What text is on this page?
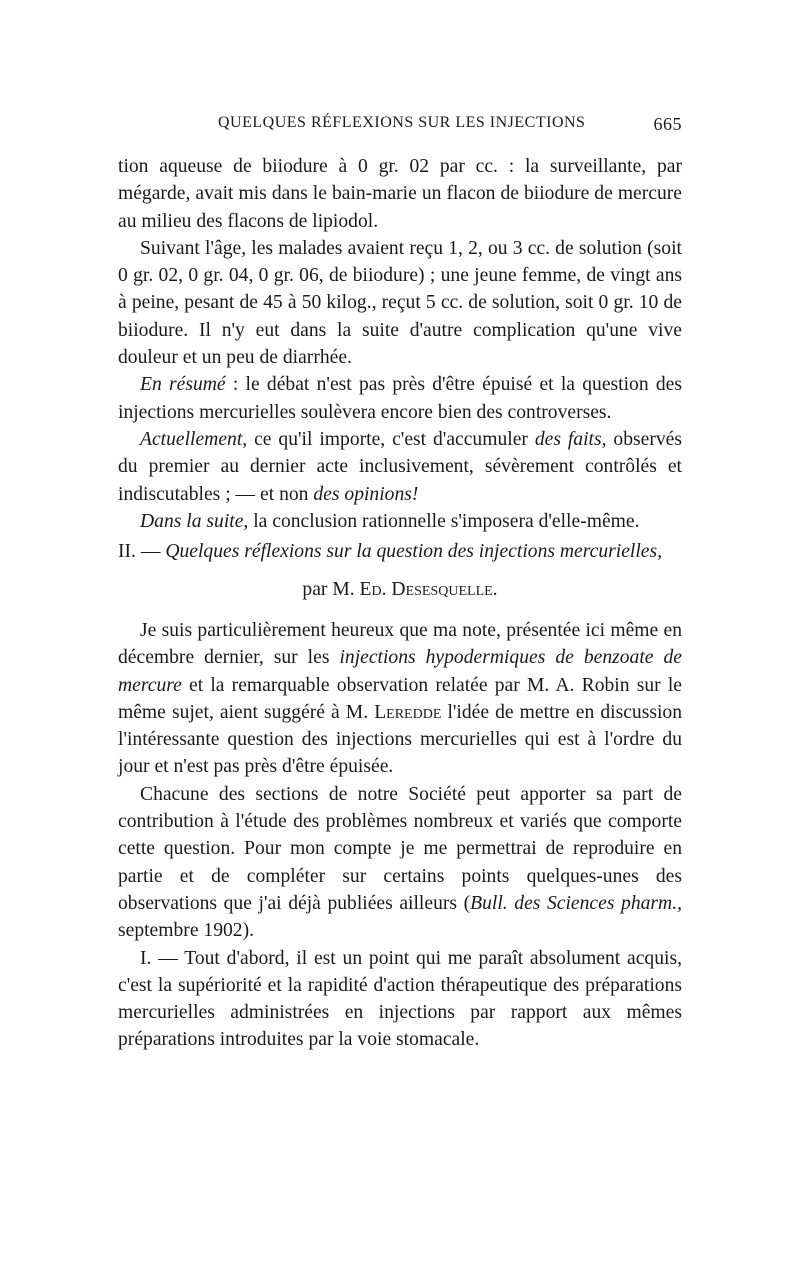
QUELQUES RÉFLEXIONS SUR LES INJECTIONS	665

tion aqueuse de biiodure à 0 gr. 02 par cc. : la surveillante, par mégarde, avait mis dans le bain-marie un flacon de biiodure de mercure au milieu des flacons de lipiodol.

Suivant l'âge, les malades avaient reçu 1, 2, ou 3 cc. de solution (soit 0 gr. 02, 0 gr. 04, 0 gr. 06, de biiodure) ; une jeune femme, de vingt ans à peine, pesant de 45 à 50 kilog., reçut 5 cc. de solution, soit 0 gr. 10 de biiodure. Il n'y eut dans la suite d'autre complication qu'une vive douleur et un peu de diarrhée.

En résumé : le débat n'est pas près d'être épuisé et la question des injections mercurielles soulèvera encore bien des controverses.

Actuellement, ce qu'il importe, c'est d'accumuler des faits, observés du premier au dernier acte inclusivement, sévèrement contrôlés et indiscutables ; — et non des opinions!

Dans la suite, la conclusion rationnelle s'imposera d'elle-même.

II. — Quelques réflexions sur la question des injections mercurielles,
par M. Ed. Desesquelle.

Je suis particulièrement heureux que ma note, présentée ici même en décembre dernier, sur les injections hypodermiques de benzoate de mercure et la remarquable observation relatée par M. A. Robin sur le même sujet, aient suggéré à M. Leredde l'idée de mettre en discussion l'intéressante question des injections mercurielles qui est à l'ordre du jour et n'est pas près d'être épuisée.

Chacune des sections de notre Société peut apporter sa part de contribution à l'étude des problèmes nombreux et variés que comporte cette question. Pour mon compte je me permettrai de reproduire en partie et de compléter sur certains points quelques-unes des observations que j'ai déjà publiées ailleurs (Bull. des Sciences pharm., septembre 1902).

I. — Tout d'abord, il est un point qui me paraît absolument acquis, c'est la supériorité et la rapidité d'action thérapeutique des préparations mercurielles administrées en injections par rapport aux mêmes préparations introduites par la voie stomacale.
